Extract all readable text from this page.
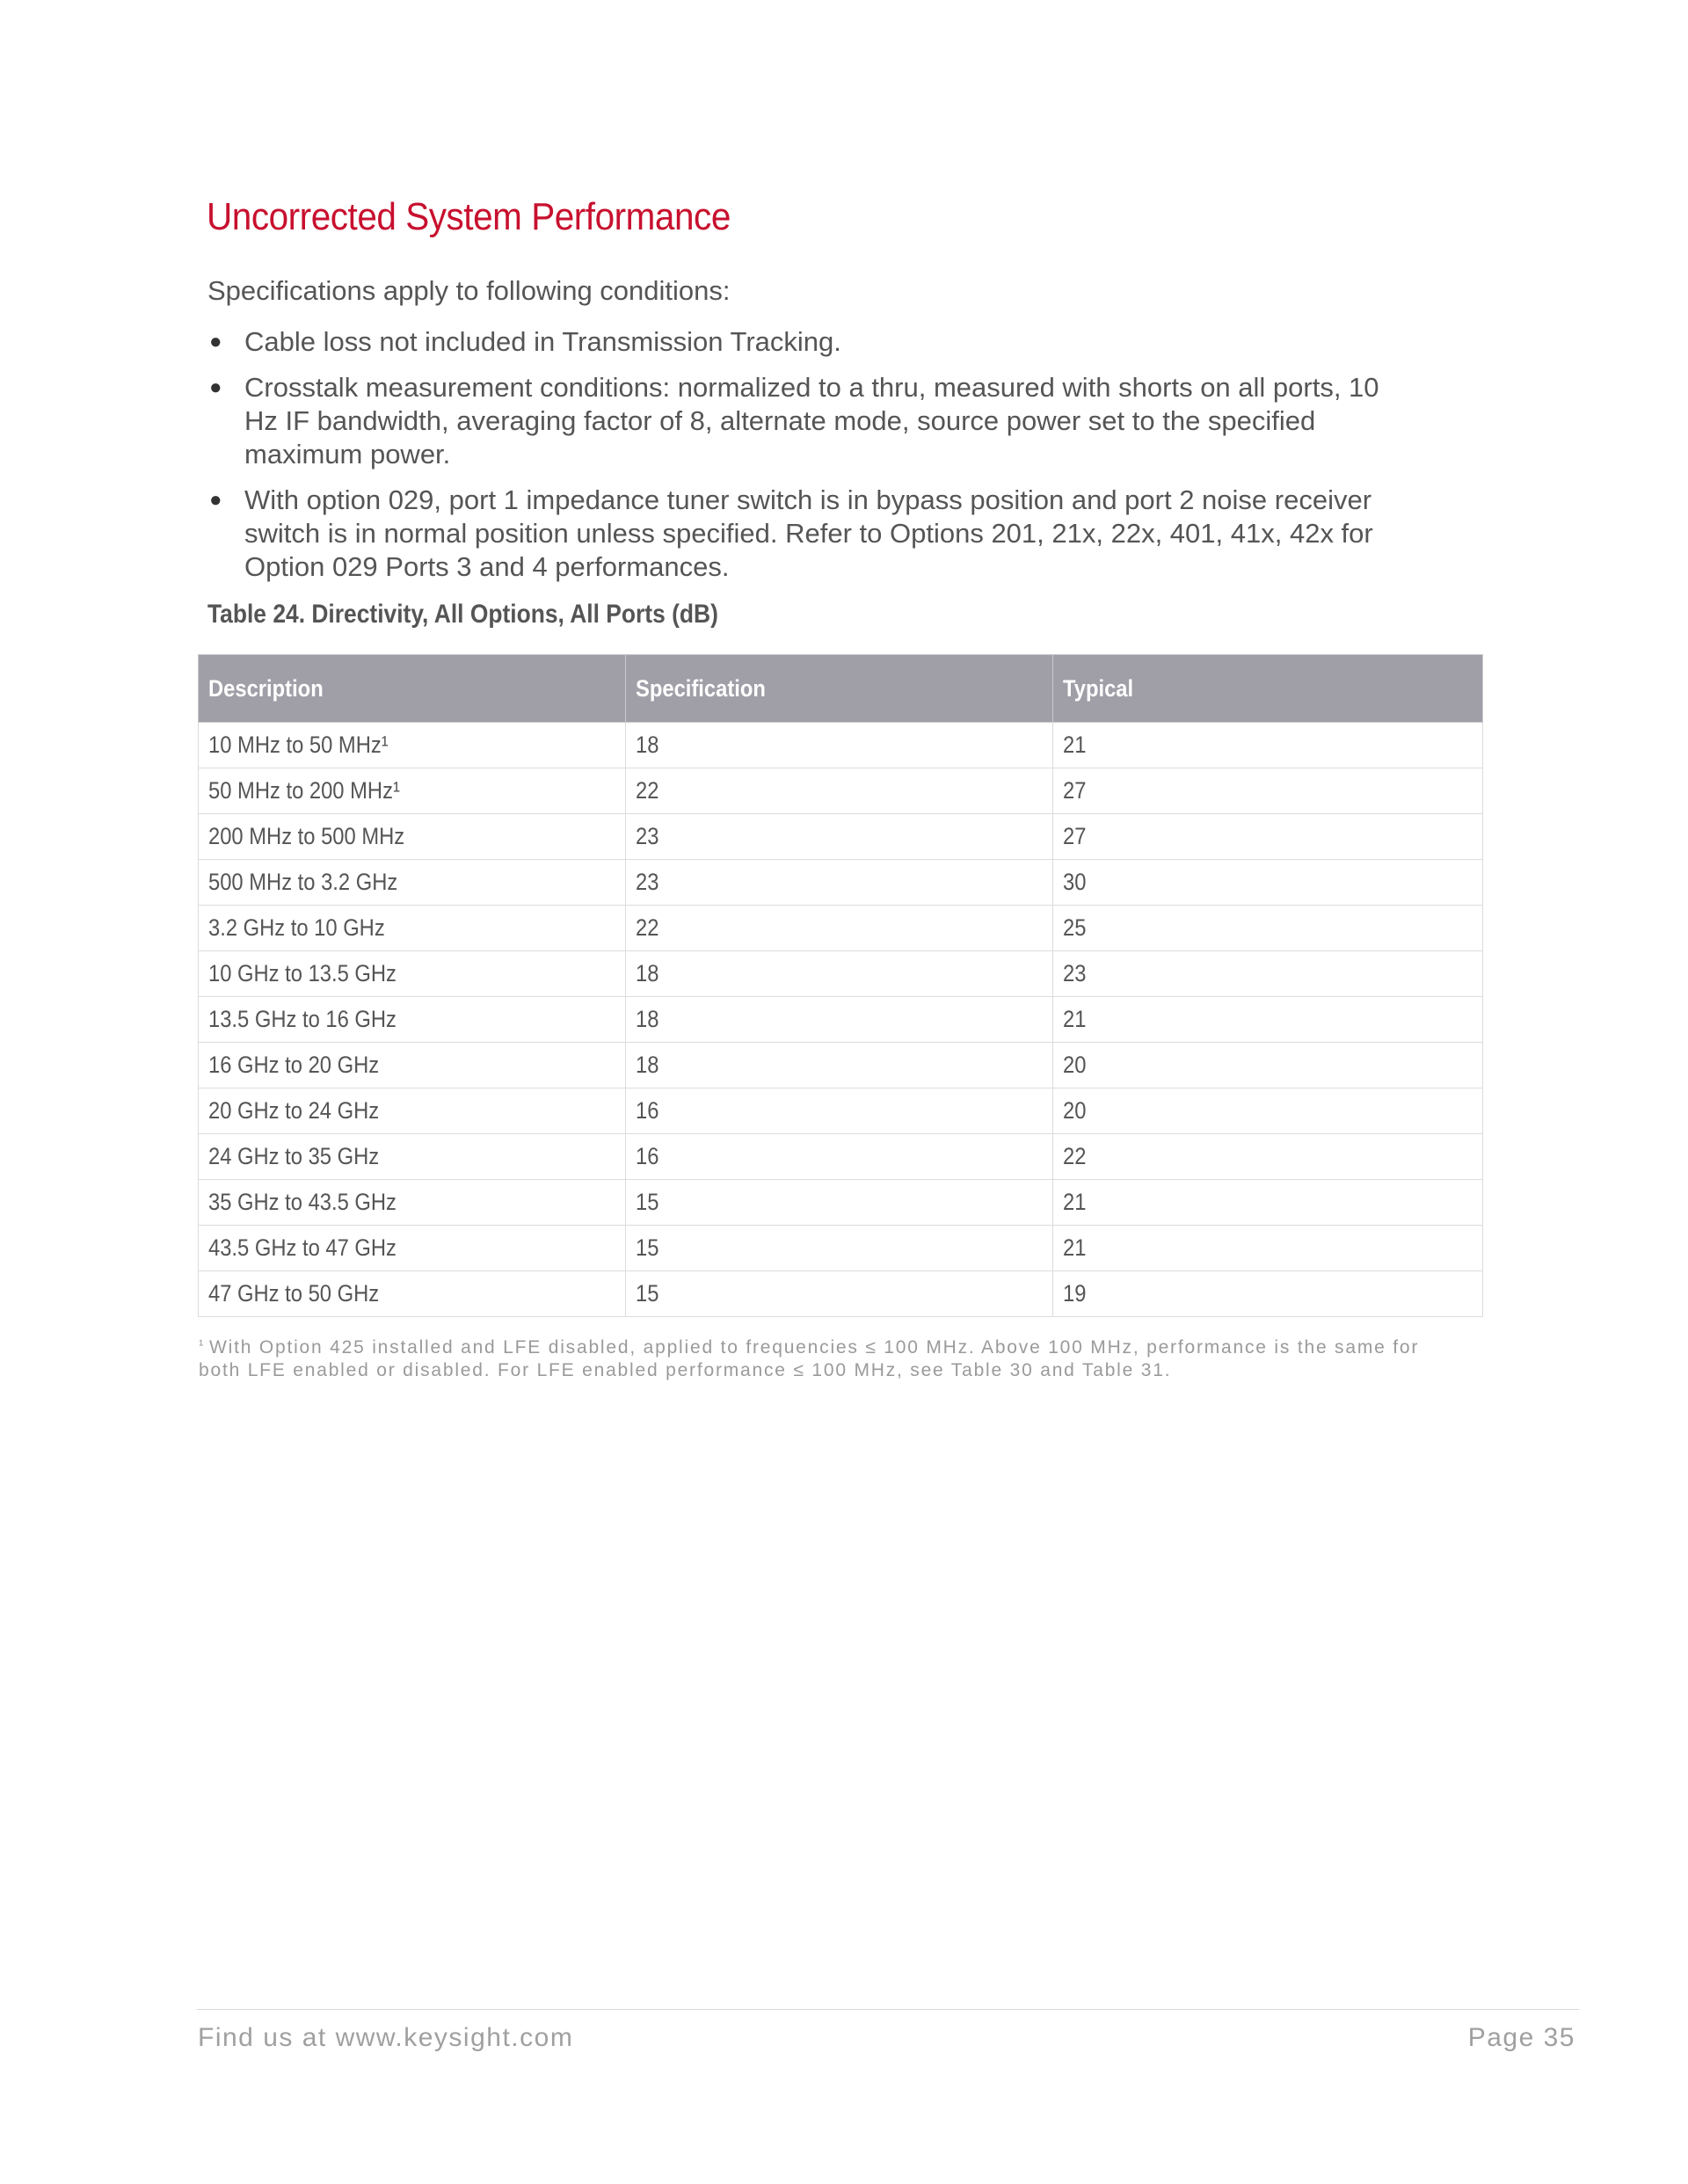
Uncorrected System Performance

Specifications apply to following conditions:

● Cable loss not included in Transmission Tracking.
● Crosstalk measurement conditions: normalized to a thru, measured with shorts on all ports, 10 Hz IF bandwidth, averaging factor of 8, alternate mode, source power set to the specified maximum power.
● With option 029, port 1 impedance tuner switch is in bypass position and port 2 noise receiver switch is in normal position unless specified. Refer to Options 201, 21x, 22x, 401, 41x, 42x for Option 029 Ports 3 and 4 performances.

Table 24. Directivity, All Options, All Ports (dB)

Description	Specification	Typical
10 MHz to 50 MHz¹	18	21
50 MHz to 200 MHz¹	22	27
200 MHz to 500 MHz	23	27
500 MHz to 3.2 GHz	23	30
3.2 GHz to 10 GHz	22	25
10 GHz to 13.5 GHz	18	23
13.5 GHz to 16 GHz	18	21
16 GHz to 20 GHz	18	20
20 GHz to 24 GHz	16	20
24 GHz to 35 GHz	16	22
35 GHz to 43.5 GHz	15	21
43.5 GHz to 47 GHz	15	21
47 GHz to 50 GHz	15	19

¹ With Option 425 installed and LFE disabled, applied to frequencies ≤ 100 MHz. Above 100 MHz, performance is the same for both LFE enabled or disabled. For LFE enabled performance ≤ 100 MHz, see Table 30 and Table 31.

Find us at www.keysight.com	Page 35
